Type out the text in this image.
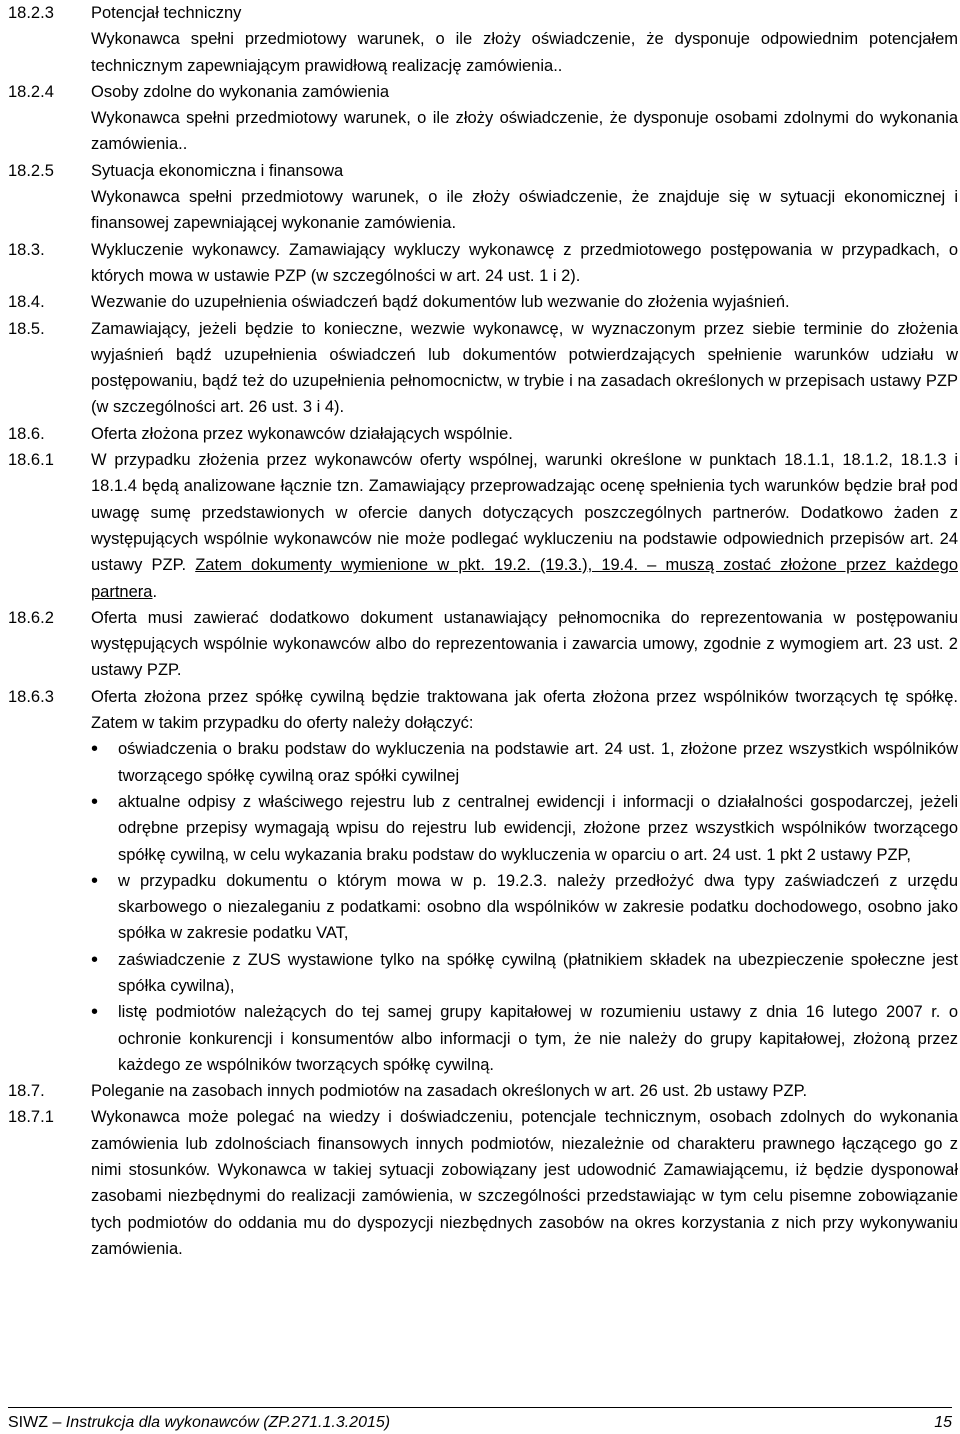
18.2.3	Potencjał techniczny
Wykonawca spełni przedmiotowy warunek, o ile złoży oświadczenie, że dysponuje odpowiednim potencjałem technicznym zapewniającym prawidłową realizację zamówienia..
18.2.4	Osoby zdolne do wykonania zamówienia
Wykonawca spełni przedmiotowy warunek, o ile złoży oświadczenie, że dysponuje osobami zdolnymi do wykonania zamówienia..
18.2.5	Sytuacja ekonomiczna i finansowa
Wykonawca spełni przedmiotowy warunek, o ile złoży oświadczenie, że znajduje się w sytuacji ekonomicznej i finansowej zapewniającej wykonanie zamówienia.
18.3.	Wykluczenie wykonawcy. Zamawiający wykluczy wykonawcę z przedmiotowego postępowania w przypadkach, o których mowa w ustawie PZP (w szczególności w art. 24 ust. 1 i 2).
18.4.	Wezwanie do uzupełnienia oświadczeń bądź dokumentów lub wezwanie do złożenia wyjaśnień.
18.5.	Zamawiający, jeżeli będzie to konieczne, wezwie wykonawcę, w wyznaczonym przez siebie terminie do złożenia wyjaśnień bądź uzupełnienia oświadczeń lub dokumentów potwierdzających spełnienie warunków udziału w postępowaniu, bądź też do uzupełnienia pełnomocnictw, w trybie i na zasadach określonych w przepisach ustawy PZP (w szczególności art. 26 ust. 3 i 4).
18.6.	Oferta złożona przez wykonawców działających wspólnie.
18.6.1	W przypadku złożenia przez wykonawców oferty wspólnej, warunki określone w punktach 18.1.1, 18.1.2, 18.1.3 i 18.1.4 będą analizowane łącznie tzn. Zamawiający przeprowadzając ocenę spełnienia tych warunków będzie brał pod uwagę sumę przedstawionych w ofercie danych dotyczących poszczególnych partnerów. Dodatkowo żaden z występujących wspólnie wykonawców nie może podlegać wykluczeniu na podstawie odpowiednich przepisów art. 24 ustawy PZP. Zatem dokumenty wymienione w pkt. 19.2. (19.3.), 19.4. – muszą zostać złożone przez każdego partnera.
18.6.2	Oferta musi zawierać dodatkowo dokument ustanawiający pełnomocnika do reprezentowania w postępowaniu występujących wspólnie wykonawców albo do reprezentowania i zawarcia umowy, zgodnie z wymogiem art. 23 ust. 2 ustawy PZP.
18.6.3	Oferta złożona przez spółkę cywilną będzie traktowana jak oferta złożona przez wspólników tworzących tę spółkę. Zatem w takim przypadku do oferty należy dołączyć:
• oświadczenia o braku podstaw do wykluczenia na podstawie art. 24 ust. 1, złożone przez wszystkich wspólników tworzącego spółkę cywilną oraz spółki cywilnej
• aktualne odpisy z właściwego rejestru lub z centralnej ewidencji i informacji o działalności gospodarczej, jeżeli odrębne przepisy wymagają wpisu do rejestru lub ewidencji, złożone przez wszystkich wspólników tworzącego spółkę cywilną, w celu wykazania braku podstaw do wykluczenia w oparciu o art. 24 ust. 1 pkt 2 ustawy PZP,
• w przypadku dokumentu o którym mowa w p. 19.2.3. należy przedłożyć dwa typy zaświadczeń z urzędu skarbowego o niezaleganiu z podatkami: osobno dla wspólników w zakresie podatku dochodowego, osobno jako spółka w zakresie podatku VAT,
• zaświadczenie z ZUS wystawione tylko na spółkę cywilną (płatnikiem składek na ubezpieczenie społeczne jest spółka cywilna),
• listę podmiotów należących do tej samej grupy kapitałowej w rozumieniu ustawy z dnia 16 lutego 2007 r. o ochronie konkurencji i konsumentów albo informacji o tym, że nie należy do grupy kapitałowej, złożoną przez każdego ze wspólników tworzących spółkę cywilną.
18.7.	Poleganie na zasobach innych podmiotów na zasadach określonych w art. 26 ust. 2b ustawy PZP.
18.7.1	Wykonawca może polegać na wiedzy i doświadczeniu, potencjale technicznym, osobach zdolnych do wykonania zamówienia lub zdolnościach finansowych innych podmiotów, niezależnie od charakteru prawnego łączącego go z nimi stosunków. Wykonawca w takiej sytuacji zobowiązany jest udowodnić Zamawiającemu, iż będzie dysponował zasobami niezbędnymi do realizacji zamówienia, w szczególności przedstawiając w tym celu pisemne zobowiązanie tych podmiotów do oddania mu do dyspozycji niezbędnych zasobów na okres korzystania z nich przy wykonywaniu zamówienia.
SIWZ – Instrukcja dla wykonawców (ZP.271.1.3.2015)	15
